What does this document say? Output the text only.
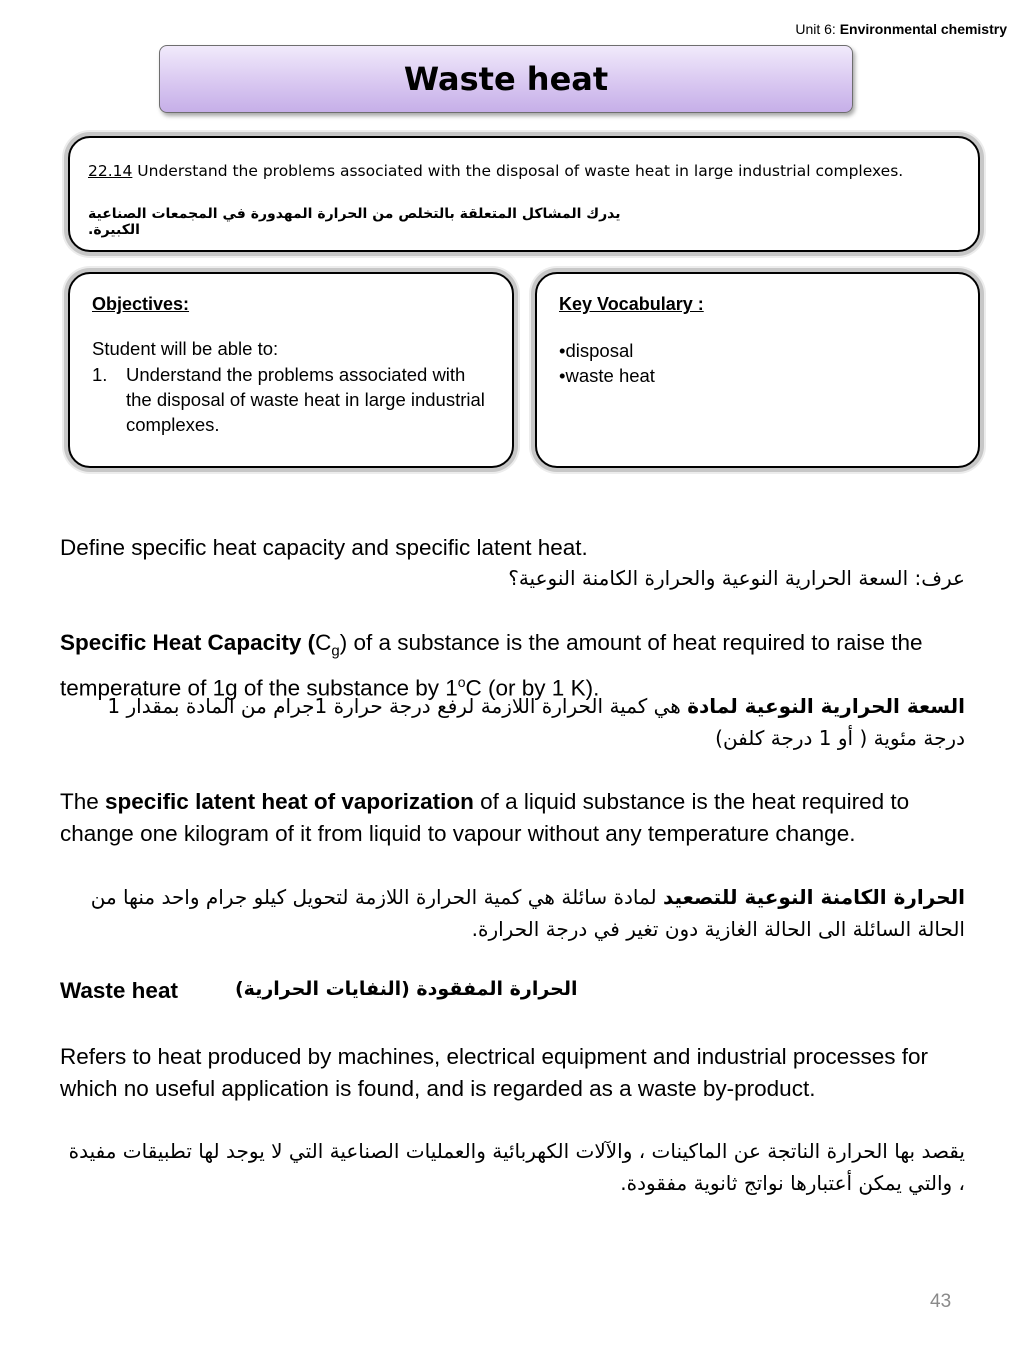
Unit 6: Environmental chemistry
Waste heat
22.14 Understand the problems associated with the disposal of waste heat in large industrial complexes.
يدرك المشاكل المتعلقة بالتخلص من الحرارة المهدورة في المجمعات الصناعية الكبيرة.
Objectives:
Student will be able to:
1.	Understand the problems associated with the disposal of waste heat in large industrial complexes.
Key Vocabulary :
•disposal
•waste heat
Define specific heat capacity and specific latent heat.
عرف: السعة الحرارية النوعية والحرارة الكامنة النوعية؟
Specific Heat Capacity $(C_g)$ of a substance is the amount of heat required to raise the temperature of 1g of the substance by 1$^o$C (or by 1 K).
السعة الحرارية النوعية لمادة هي كمية الحرارة اللازمة لرفع درجة حرارة 1جرام من المادة بمقدار 1 درجة مئوية ( أو 1 درجة كلفن)
The specific latent heat of vaporization of a liquid substance is the heat required to change one kilogram of it from liquid to vapour without any temperature change.
الحرارة الكامنة النوعية للتصعيد لمادة سائلة هي كمية الحرارة اللازمة لتحويل كيلو جرام واحد منها من الحالة السائلة الى الحالة الغازية دون تغير في درجة الحرارة.
Waste heat	الحرارة المفقودة (النفايات الحرارية)
Refers to heat produced by machines, electrical equipment and industrial processes for which no useful application is found, and is regarded as a waste by-product.
يقصد بها الحرارة الناتجة عن الماكينات ، والآلات الكهربائية والعمليات الصناعية التي لا يوجد لها تطبيقات مفيدة ، والتي يمكن أعتبارها نواتج ثانوية مفقودة.
43
